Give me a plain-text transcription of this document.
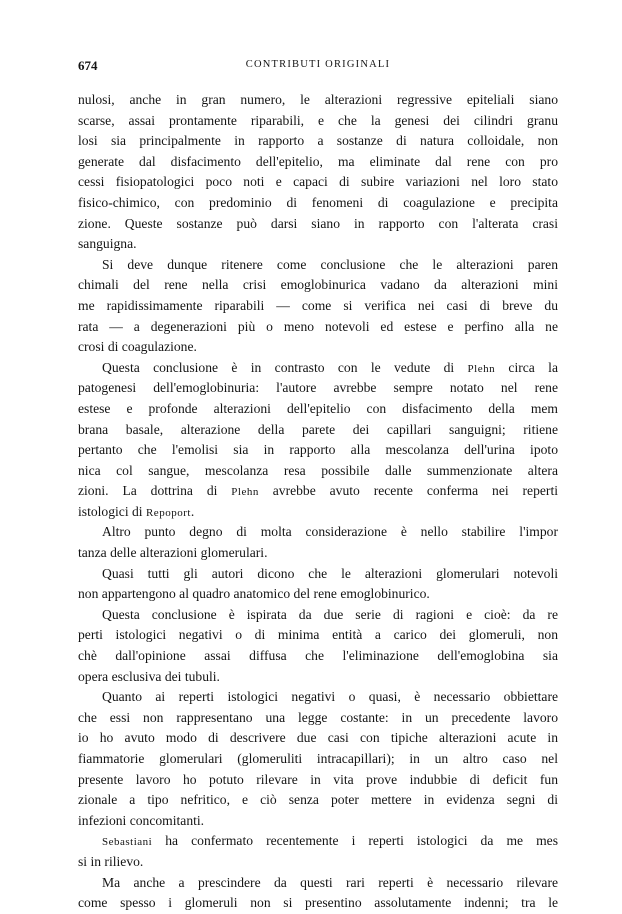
674	CONTRIBUTI ORIGINALI
nulosi, anche in gran numero, le alterazioni regressive epiteliali siano
scarse, assai prontamente riparabili, e che la genesi dei cilindri granu
losi sia principalmente in rapporto a sostanze di natura colloidale, non
generate dal disfacimento dell'epitelio, ma eliminate dal rene con pro
cessi fisiopatologici poco noti e capaci di subire variazioni nel loro stato
fisico-chimico, con predominio di fenomeni di coagulazione e precipita
zione. Queste sostanze può darsi siano in rapporto con l'alterata crasi
sanguigna.
Si deve dunque ritenere come conclusione che le alterazioni paren
chimali del rene nella crisi emoglobinurica vadano da alterazioni mini
me rapidissimamente riparabili — come si verifica nei casi di breve du
rata — a degenerazioni più o meno notevoli ed estese e perfino alla ne
crosi di coagulazione.
Questa conclusione è in contrasto con le vedute di Plehn circa la
patogenesi dell'emoglobinuria: l'autore avrebbe sempre notato nel rene
estese e profonde alterazioni dell'epitelio con disfacimento della mem
brana basale, alterazione della parete dei capillari sanguigni; ritiene
pertanto che l'emolisi sia in rapporto alla mescolanza dell'urina ipoto
nica col sangue, mescolanza resa possibile dalle summenzionate altera
zioni. La dottrina di Plehn avrebbe avuto recente conferma nei reperti
istologici di Repoport.
Altro punto degno di molta considerazione è nello stabilire l'impor
tanza delle alterazioni glomerulari.
Quasi tutti gli autori dicono che le alterazioni glomerulari notevoli
non appartengono al quadro anatomico del rene emoglobinurico.
Questa conclusione è ispirata da due serie di ragioni e cioè: da re
perti istologici negativi o di minima entità a carico dei glomeruli, non
chè dall'opinione assai diffusa che l'eliminazione dell'emoglobina sia
opera esclusiva dei tubuli.
Quanto ai reperti istologici negativi o quasi, è necessario obbiettare
che essi non rappresentano una legge costante: in un precedente lavoro
io ho avuto modo di descrivere due casi con tipiche alterazioni acute in
fiammatorie glomerulari (glomeruliti intracapillari); in un altro caso nel
presente lavoro ho potuto rilevare in vita prove indubbie di deficit fun
zionale a tipo nefritico, e ciò senza poter mettere in evidenza segni di
infezioni concomitanti.
Sebastiani ha confermato recentemente i reperti istologici da me mes
si in rilievo.
Ma anche a prescindere da questi rari reperti è necessario rilevare
come spesso i glomeruli non si presentino assolutamente indenni; tra le
